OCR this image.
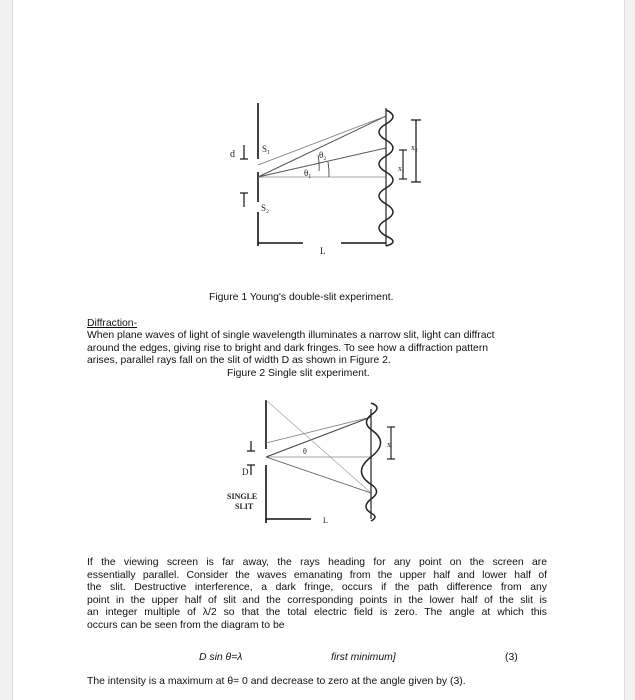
d	S₁
S₂
θ₂
θ₁
L
x₂
x₁
Figure 1 Young's double-slit experiment.
Diffraction-
When plane waves of light of single wavelength illuminates a narrow slit, light can diffract
around the edges, giving rise to bright and dark fringes. To see how a diffraction pattern
arises, parallel rays fall on the slit of width D as shown in Figure 2.
Figure 2 Single slit experiment.
D
θ
L
x
SINGLE
SLIT
If the viewing screen is far away, the rays heading for any point on the screen are
essentially parallel. Consider the waves emanating from the upper half and lower half of
the slit. Destructive interference, a dark fringe, occurs if the path difference from any
point in the upper half of slit and the corresponding points in the lower half of the slit is
an integer multiple of λ/2 so that the total electric field is zero. The angle at which this
occurs can be seen from the diagram to be
D sin θ=λ	first minimum]	(3)
The intensity is a maximum at θ= 0 and decrease to zero at the angle given by (3).
